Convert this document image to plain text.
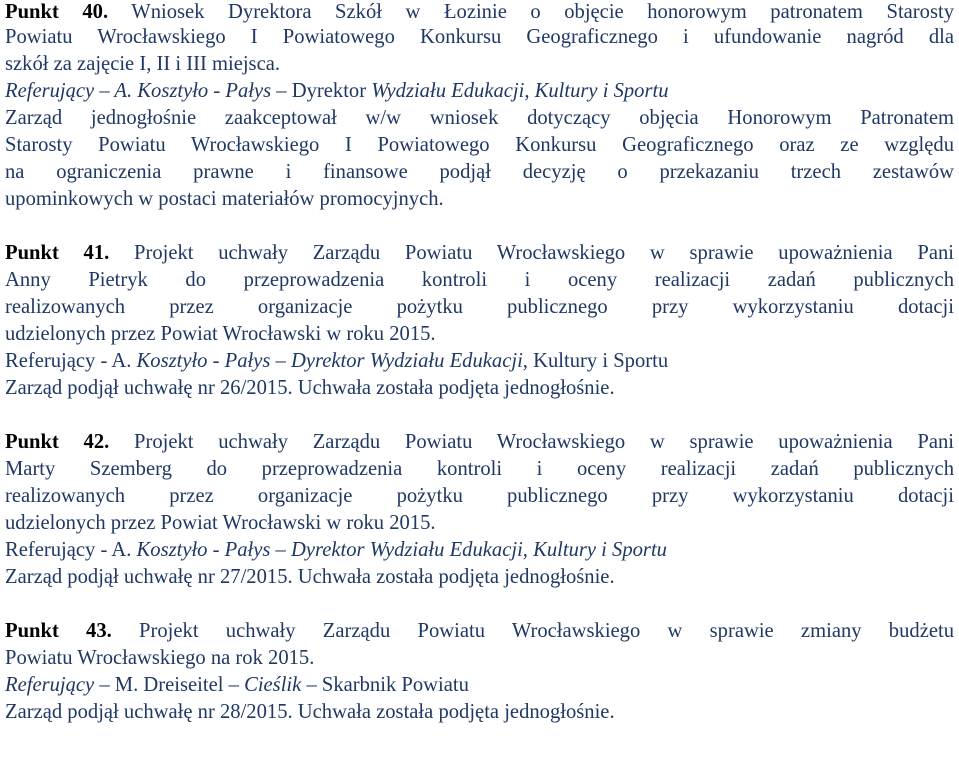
Punkt 40. Wniosek Dyrektora Szkół w Łozinie o objęcie honorowym patronatem Starosty
Powiatu Wrocławskiego I Powiatowego Konkursu Geograficznego i ufundowanie nagród dla
szkół za zajęcie I, II i III miejsca.
Referujący – A. Kosztyło - Pałys – Dyrektor Wydziału Edukacji, Kultury i Sportu
Zarząd jednogłośnie zaakceptował w/w wniosek dotyczący objęcia Honorowym Patronatem
Starosty Powiatu Wrocławskiego I Powiatowego Konkursu Geograficznego oraz ze względu
na ograniczenia prawne i finansowe podjął decyzję o przekazaniu trzech zestawów
upominkowych w postaci materiałów promocyjnych.
Punkt 41. Projekt uchwały Zarządu Powiatu Wrocławskiego w sprawie upoważnienia Pani
Anny Pietryk do przeprowadzenia kontroli i oceny realizacji zadań publicznych
realizowanych przez organizacje pożytku publicznego przy wykorzystaniu dotacji
udzielonych przez Powiat Wrocławski w roku 2015.
Referujący - A. Kosztyło - Pałys – Dyrektor Wydziału Edukacji, Kultury i Sportu
Zarząd podjął uchwałę nr 26/2015. Uchwała została podjęta jednogłośnie.
Punkt 42. Projekt uchwały Zarządu Powiatu Wrocławskiego w sprawie upoważnienia Pani
Marty Szemberg do przeprowadzenia kontroli i oceny realizacji zadań publicznych
realizowanych przez organizacje pożytku publicznego przy wykorzystaniu dotacji
udzielonych przez Powiat Wrocławski w roku 2015.
Referujący - A. Kosztyło - Pałys – Dyrektor Wydziału Edukacji, Kultury i Sportu
Zarząd podjął uchwałę nr 27/2015. Uchwała została podjęta jednogłośnie.
Punkt 43. Projekt uchwały Zarządu Powiatu Wrocławskiego w sprawie zmiany budżetu
Powiatu Wrocławskiego na rok 2015.
Referujący – M. Dreiseitel – Cieślik – Skarbnik Powiatu
Zarząd podjął uchwałę nr 28/2015. Uchwała została podjęta jednogłośnie.
